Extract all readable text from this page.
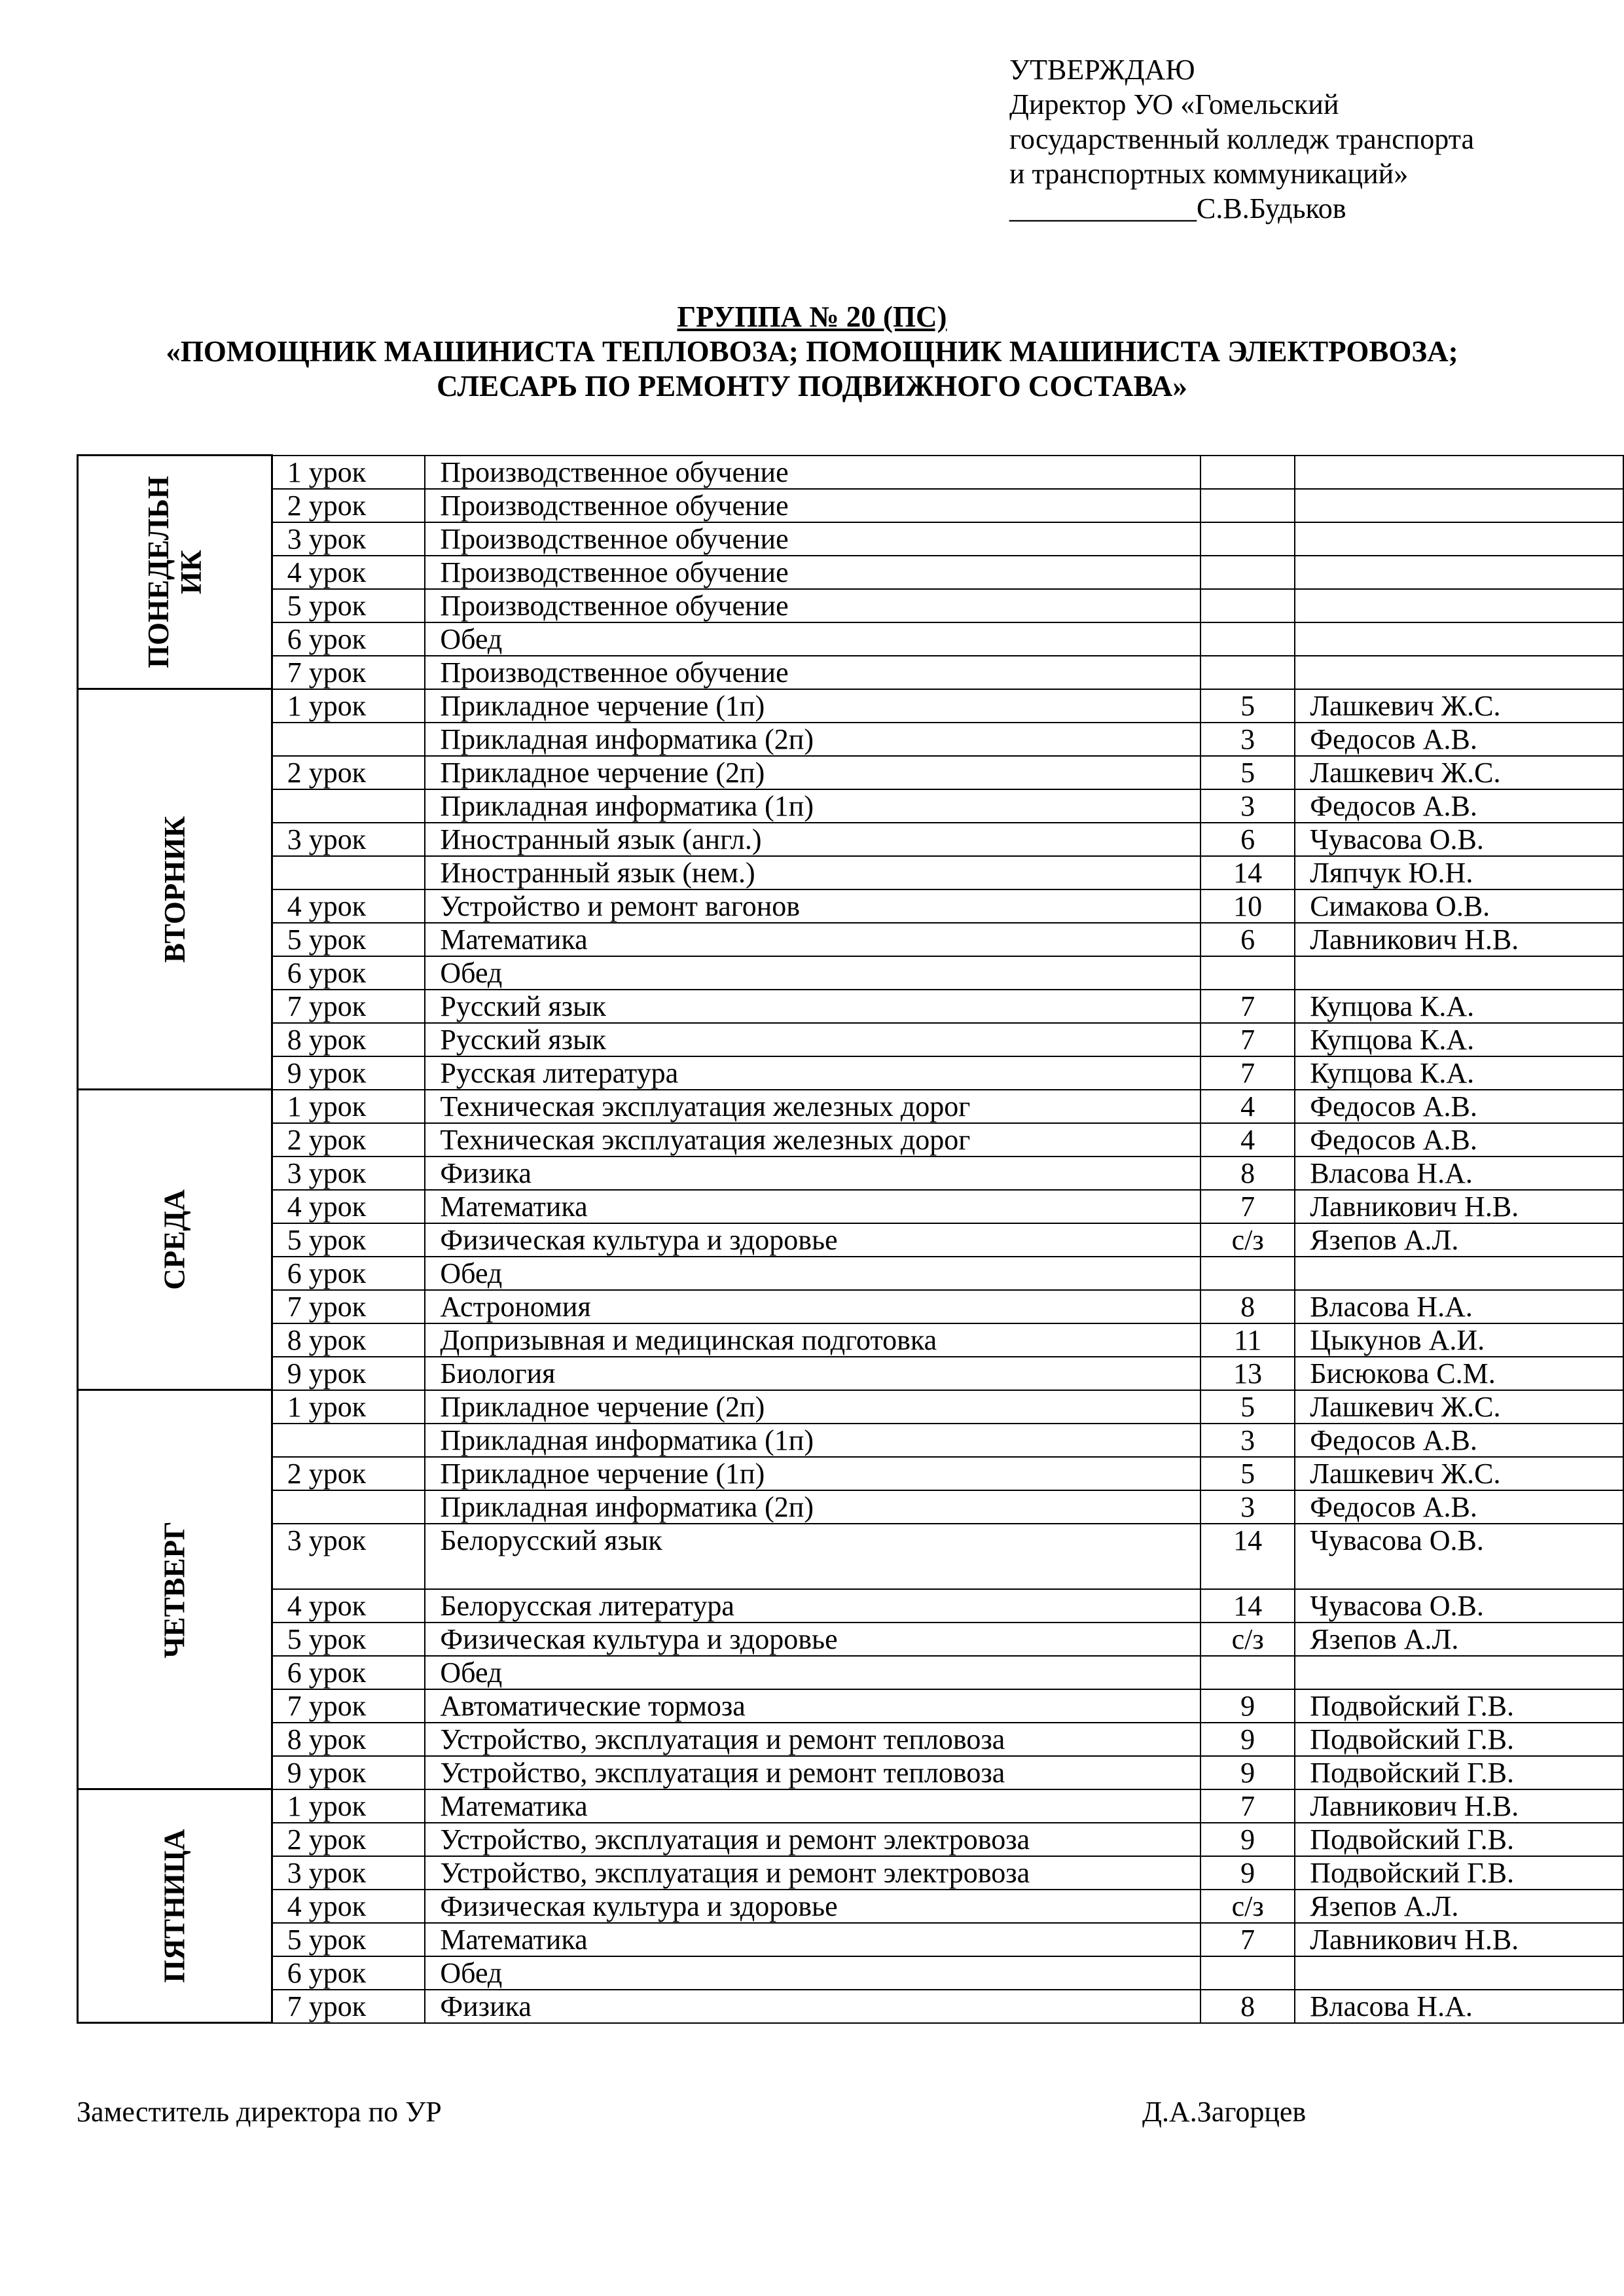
УТВЕРЖДАЮ
Директор УО «Гомельский
государственный колледж транспорта
и транспортных коммуникаций»
_____________С.В.Будьков
ГРУППА № 20 (ПС)
«ПОМОЩНИК МАШИНИСТА ТЕПЛОВОЗА; ПОМОЩНИК МАШИНИСТА ЭЛЕКТРОВОЗА;
СЛЕСАРЬ ПО РЕМОНТУ ПОДВИЖНОГО СОСТАВА»
ПОНЕДЕЛЬН ИК	1 урок	Производственное обучение		
	2 урок	Производственное обучение		
	3 урок	Производственное обучение		
	4 урок	Производственное обучение		
	5 урок	Производственное обучение		
	6 урок	Обед		
	7 урок	Производственное обучение		

ВТОРНИК	1 урок	Прикладное черчение (1п)	5	Лашкевич Ж.С.
		Прикладная информатика (2п)	3	Федосов А.В.
	2 урок	Прикладное черчение (2п)	5	Лашкевич Ж.С.
		Прикладная информатика (1п)	3	Федосов А.В.
	3 урок	Иностранный язык (англ.)	6	Чувасова О.В.
		Иностранный язык (нем.)	14	Ляпчук Ю.Н.
	4 урок	Устройство и ремонт вагонов	10	Симакова О.В.
	5 урок	Математика	6	Лавникович Н.В.
	6 урок	Обед		
	7 урок	Русский язык	7	Купцова К.А.
	8 урок	Русский язык	7	Купцова К.А.
	9 урок	Русская литература	7	Купцова К.А.

СРЕДА	1 урок	Техническая эксплуатация железных дорог	4	Федосов А.В.
	2 урок	Техническая эксплуатация железных дорог	4	Федосов А.В.
	3 урок	Физика	8	Власова Н.А.
	4 урок	Математика	7	Лавникович Н.В.
	5 урок	Физическая культура и здоровье	с/з	Язепов А.Л.
	6 урок	Обед		
	7 урок	Астрономия	8	Власова Н.А.
	8 урок	Допризывная и медицинская подготовка	11	Цыкунов А.И.
	9 урок	Биология	13	Бисюкова С.М.

ЧЕТВЕРГ	1 урок	Прикладное черчение (2п)	5	Лашкевич Ж.С.
		Прикладная информатика (1п)	3	Федосов А.В.
	2 урок	Прикладное черчение (1п)	5	Лашкевич Ж.С.
		Прикладная информатика (2п)	3	Федосов А.В.
	3 урок	Белорусский язык	14	Чувасова О.В.
	4 урок	Белорусская литература	14	Чувасова О.В.
	5 урок	Физическая культура и здоровье	с/з	Язепов А.Л.
	6 урок	Обед		
	7 урок	Автоматические тормоза	9	Подвойский Г.В.
	8 урок	Устройство, эксплуатация и ремонт тепловоза	9	Подвойский Г.В.
	9 урок	Устройство, эксплуатация и ремонт тепловоза	9	Подвойский Г.В.

ПЯТНИЦА	1 урок	Математика	7	Лавникович Н.В.
	2 урок	Устройство, эксплуатация и ремонт электровоза	9	Подвойский Г.В.
	3 урок	Устройство, эксплуатация и ремонт электровоза	9	Подвойский Г.В.
	4 урок	Физическая культура и здоровье	с/з	Язепов А.Л.
	5 урок	Математика	7	Лавникович Н.В.
	6 урок	Обед		
	7 урок	Физика	8	Власова Н.А.
Заместитель директора по УР	Д.А.Загорцев
